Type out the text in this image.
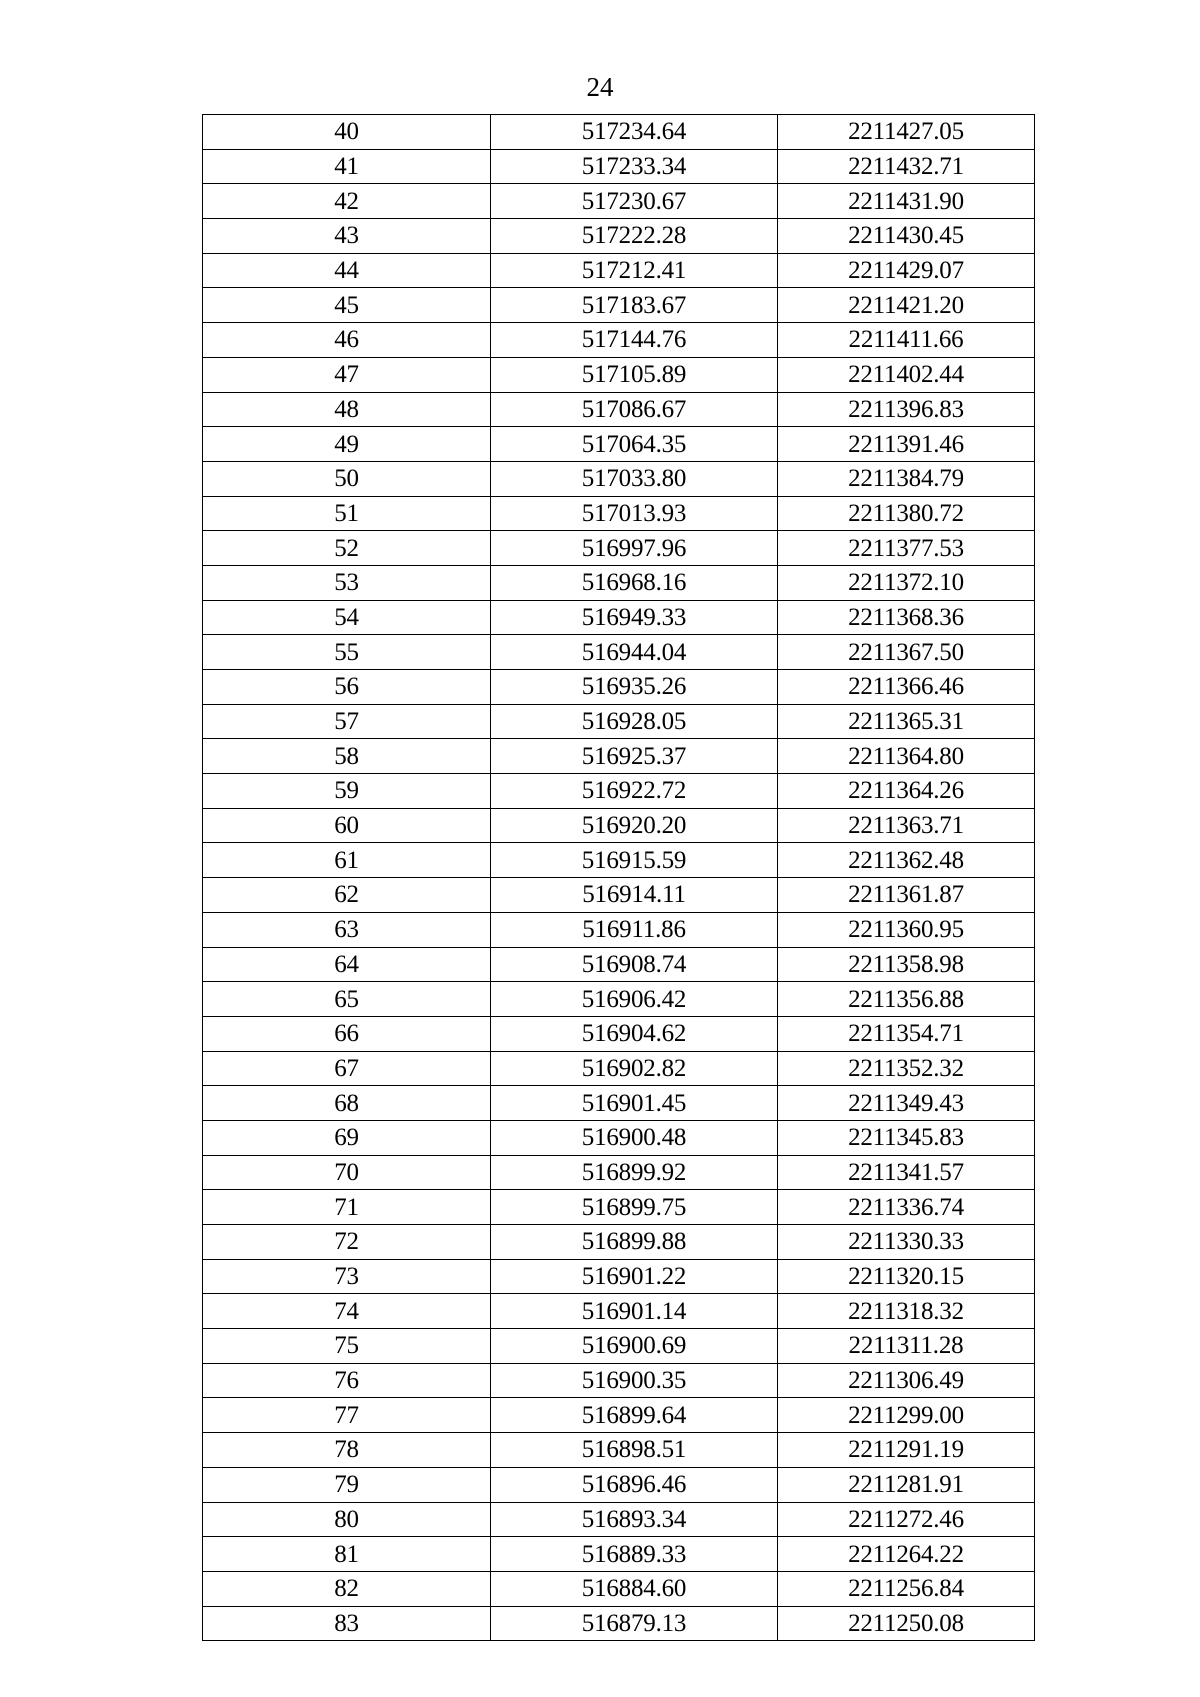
24
40	517234.64	2211427.05
41	517233.34	2211432.71
42	517230.67	2211431.90
43	517222.28	2211430.45
44	517212.41	2211429.07
45	517183.67	2211421.20
46	517144.76	2211411.66
47	517105.89	2211402.44
48	517086.67	2211396.83
49	517064.35	2211391.46
50	517033.80	2211384.79
51	517013.93	2211380.72
52	516997.96	2211377.53
53	516968.16	2211372.10
54	516949.33	2211368.36
55	516944.04	2211367.50
56	516935.26	2211366.46
57	516928.05	2211365.31
58	516925.37	2211364.80
59	516922.72	2211364.26
60	516920.20	2211363.71
61	516915.59	2211362.48
62	516914.11	2211361.87
63	516911.86	2211360.95
64	516908.74	2211358.98
65	516906.42	2211356.88
66	516904.62	2211354.71
67	516902.82	2211352.32
68	516901.45	2211349.43
69	516900.48	2211345.83
70	516899.92	2211341.57
71	516899.75	2211336.74
72	516899.88	2211330.33
73	516901.22	2211320.15
74	516901.14	2211318.32
75	516900.69	2211311.28
76	516900.35	2211306.49
77	516899.64	2211299.00
78	516898.51	2211291.19
79	516896.46	2211281.91
80	516893.34	2211272.46
81	516889.33	2211264.22
82	516884.60	2211256.84
83	516879.13	2211250.08
